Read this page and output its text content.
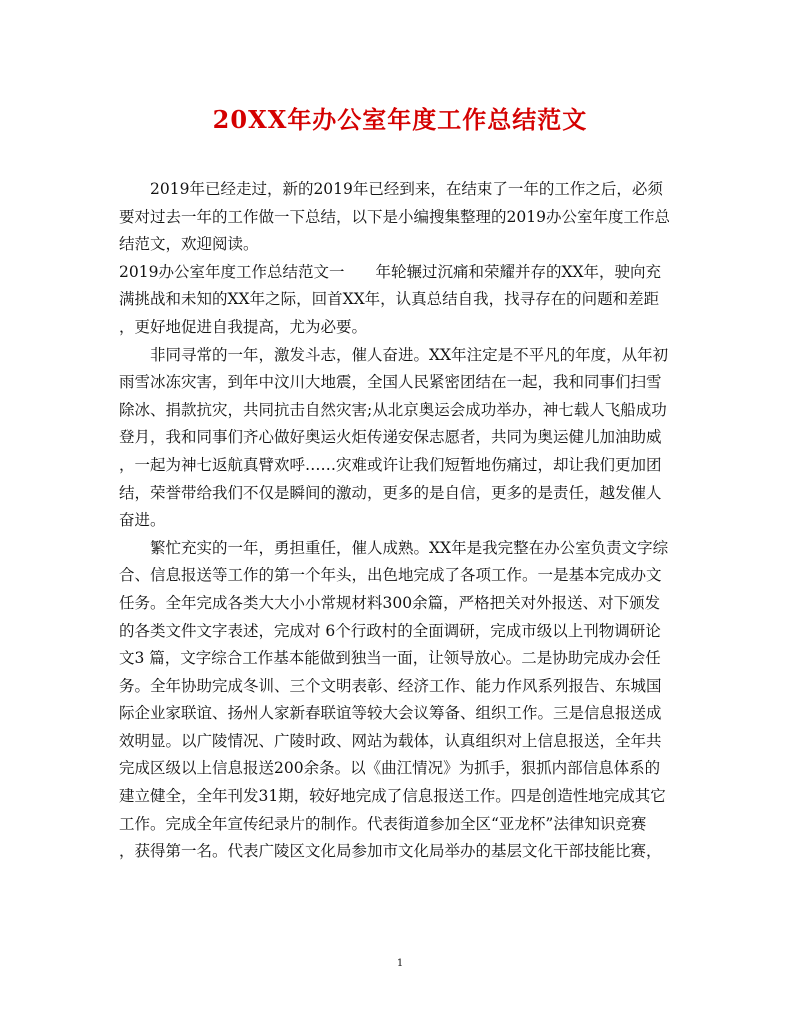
20XX年办公室年度工作总结范文
　　2019年已经走过，新的2019年已经到来，在结束了一年的工作之后，必须
要对过去一年的工作做一下总结，以下是小编搜集整理的2019办公室年度工作总
结范文，欢迎阅读。
2019办公室年度工作总结范文一　　年轮辗过沉痛和荣耀并存的XX年，驶向充
满挑战和未知的XX年之际，回首XX年，认真总结自我，找寻存在的问题和差距
，更好地促进自我提高，尤为必要。
　　非同寻常的一年，激发斗志，催人奋进。XX年注定是不平凡的年度，从年初
雨雪冰冻灾害，到年中汶川大地震，全国人民紧密团结在一起，我和同事们扫雪
除冰、捐款抗灾，共同抗击自然灾害;从北京奥运会成功举办，神七载人飞船成功
登月，我和同事们齐心做好奥运火炬传递安保志愿者，共同为奥运健儿加油助威
，一起为神七返航真臂欢呼……灾难或许让我们短暂地伤痛过，却让我们更加团
结，荣誉带给我们不仅是瞬间的激动，更多的是自信，更多的是责任，越发催人
奋进。
　　繁忙充实的一年，勇担重任，催人成熟。XX年是我完整在办公室负责文字综
合、信息报送等工作的第一个年头，出色地完成了各项工作。一是基本完成办文
任务。全年完成各类大大小小常规材料300余篇，严格把关对外报送、对下颁发
的各类文件文字表述，完成对 6个行政村的全面调研，完成市级以上刊物调研论
文3 篇，文字综合工作基本能做到独当一面，让领导放心。二是协助完成办会任
务。全年协助完成冬训、三个文明表彰、经济工作、能力作风系列报告、东城国
际企业家联谊、扬州人家新春联谊等较大会议筹备、组织工作。三是信息报送成
效明显。以广陵情况、广陵时政、网站为载体，认真组织对上信息报送，全年共
完成区级以上信息报送200余条。以《曲江情况》为抓手，狠抓内部信息体系的
建立健全，全年刊发31期，较好地完成了信息报送工作。四是创造性地完成其它
工作。完成全年宣传纪录片的制作。代表街道参加全区“亚龙杯”法律知识竞赛
，获得第一名。代表广陵区文化局参加市文化局举办的基层文化干部技能比赛，
1
